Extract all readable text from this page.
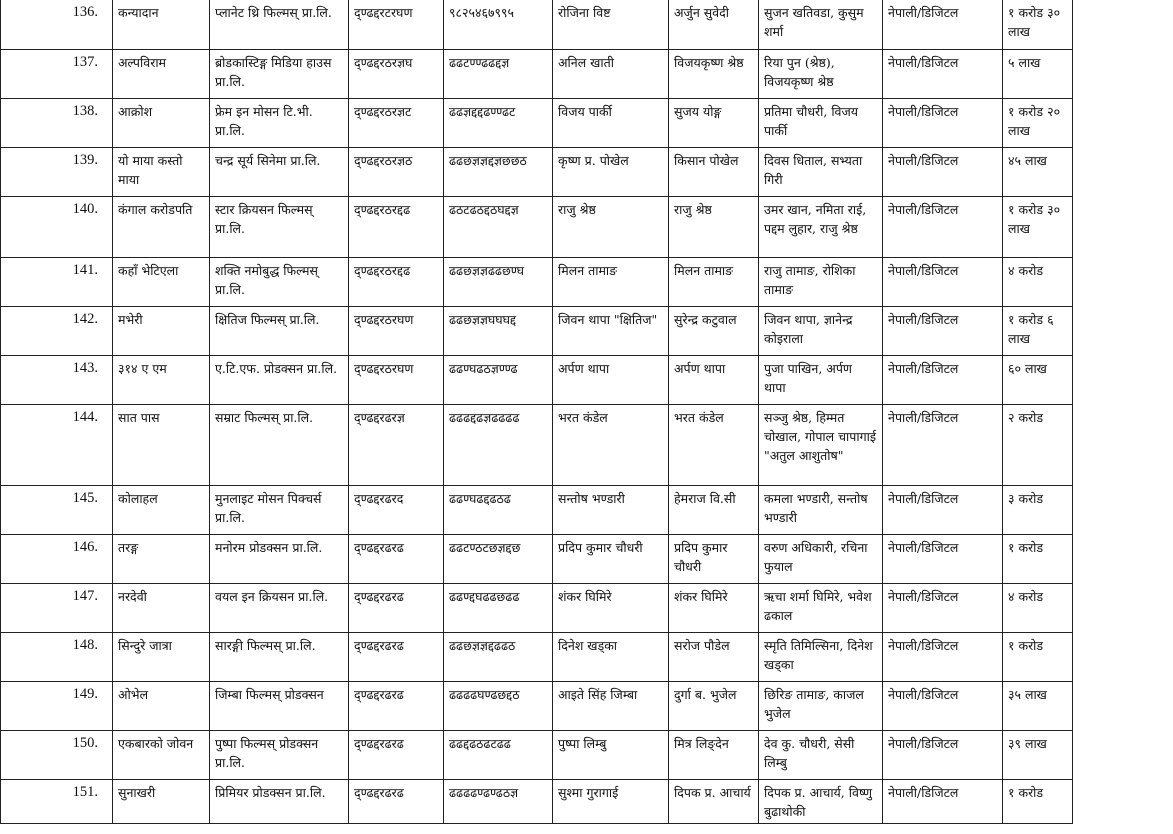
136.	कन्यादान	प्लानेट थ्रि फिल्मस् प्रा.लि.	द्ण्ढद्दरटरघण	९८२५४६७९९५	रोजिना विष्ट	अर्जुन सुवेदी	सुजन खतिवडा, कुसुम शर्मा	नेपाली/डिजिटल	१ करोड ३० लाख
137.	अल्पविराम	ब्रोडकास्टिङ्ग मिडिया हाउस प्रा.लि.	द्ण्ढद्दरठरज्ञघ	ढढटण्ण्ढढद्दज्ञ	अनिल खाती	विजयकृष्ण श्रेष्ठ	रिया पुन (श्रेष्ठ), विजयकृष्ण श्रेष्ठ	नेपाली/डिजिटल	५ लाख
138.	आक्रोश	फ्रेम इन मोसन टि.भी. प्रा.लि.	द्ण्ढद्दरठरज्ञट	ढढज्ञद्दद्दढण्ण्ढट	विजय पार्की	सुजय योङ्ग	प्रतिमा चौधरी, विजय पार्की	नेपाली/डिजिटल	१ करोड २० लाख
139.	यो माया कस्तो माया	चन्द्र सूर्य सिनेमा प्रा.लि.	द्ण्ढद्दरठरज्ञठ	ढढछज्ञज्ञद्दज्ञछछठ	कृष्ण प्र. पोखेल	किसान पोखेल	दिवस धिताल, सभ्यता गिरी	नेपाली/डिजिटल	४५ लाख
140.	कंगाल करोडपति	स्टार क्रियसन फिल्मस् प्रा.लि.	द्ण्ढद्दरठरद्दढ	ढठटढठद्दठघद्दज्ञ	राजु श्रेष्ठ	राजु श्रेष्ठ	उमर खान, नमिता राई, पद्दम लुहार, राजु श्रेष्ठ	नेपाली/डिजिटल	१ करोड ३० लाख
141.	कहाँ भेटिएला	शक्ति नमोबुद्ध फिल्मस् प्रा.लि.	द्ण्ढद्दरठरद्दढ	ढढछज्ञज्ञढढछण्घ	मिलन तामाङ	मिलन तामाङ	राजु तामाङ, रोशिका तामाङ	नेपाली/डिजिटल	४ करोड
142.	मभेरी	क्षितिज फिल्मस् प्रा.लि.	द्ण्ढद्दरठरघण	ढढछज्ञज्ञघघघद्द	जिवन थापा "क्षितिज"	सुरेन्द्र कटुवाल	जिवन थापा, ज्ञानेन्द्र कोइराला	नेपाली/डिजिटल	१ करोड ६ लाख
143.	३१४ ए एम	ए.टि.एफ. प्रोडक्सन प्रा.लि.	द्ण्ढद्दरठरघण	ढढण्घढठज्ञण्ण्ढ	अर्पण थापा	अर्पण थापा	पुजा पाखिन, अर्पण थापा	नेपाली/डिजिटल	६० लाख
144.	सात पास	सम्राट फिल्मस् प्रा.लि.	द्ण्ढद्दरढरज्ञ	ढढढद्दढज्ञढढढढ	भरत कंडेल	भरत कंडेल	सञ्जु श्रेष्ठ, हिम्मत चोखाल, गोपाल चापागाई "अतुल आशुतोष"	नेपाली/डिजिटल	२ करोड
145.	कोलाहल	मुनलाइट मोसन पिक्चर्स प्रा.लि.	द्ण्ढद्दरढरद	ढढण्घढद्दढठढ	सन्तोष भण्डारी	हेमराज वि.सी	कमला भण्डारी, सन्तोष भण्डारी	नेपाली/डिजिटल	३ करोड
146.	तरङ्ग	मनोरम प्रोडक्सन प्रा.लि.	द्ण्ढद्दरढरढ	ढढटण्ठटछज्ञद्दछ	प्रदिप कुमार चौधरी	प्रदिप कुमार चौधरी	वरुण अधिकारी, रचिना फुयाल	नेपाली/डिजिटल	१ करोड
147.	नरदेवी	वयल इन क्रियसन प्रा.लि.	द्ण्ढद्दरढरढ	ढढण्द्दघढढछढढ	शंकर घिमिरे	शंकर घिमिरे	ऋचा शर्मा घिमिरे, भवेश ढकाल	नेपाली/डिजिटल	४ करोड
148.	सिन्दुरे जात्रा	सारङ्गी फिल्मस् प्रा.लि.	द्ण्ढद्दरढरढ	ढढछज्ञज्ञद्दढढठ	दिनेश खड्का	सरोज पौडेल	स्मृति तिमिल्सिना, दिनेश खड्का	नेपाली/डिजिटल	१ करोड
149.	ओभेल	जिम्बा फिल्मस् प्रोडक्सन	द्ण्ढद्दरढरढ	ढढढढघण्ढछद्दठ	आइते सिंह जिम्बा	दुर्गा ब. भुजेल	छिरिङ तामाङ, काजल भुजेल	नेपाली/डिजिटल	३५ लाख
150.	एकबारको जोवन	पुष्पा फिल्मस् प्रोडक्सन प्रा.लि.	द्ण्ढद्दरढरढ	ढढद्दढठढटढढ	पुष्पा लिम्बु	मित्र लिङ्देन	देव कु. चौधरी, सेसी लिम्बु	नेपाली/डिजिटल	३९ लाख
151.	सुनाखरी	प्रिमियर प्रोडक्सन प्रा.लि.	द्ण्ढद्दरढरढ	ढढढढण्ढण्ढठज्ञ	सुश्मा गुरागाई	दिपक प्र. आचार्य	दिपक प्र. आचार्य, विष्णु बुढाथोकी	नेपाली/डिजिटल	१ करोड
